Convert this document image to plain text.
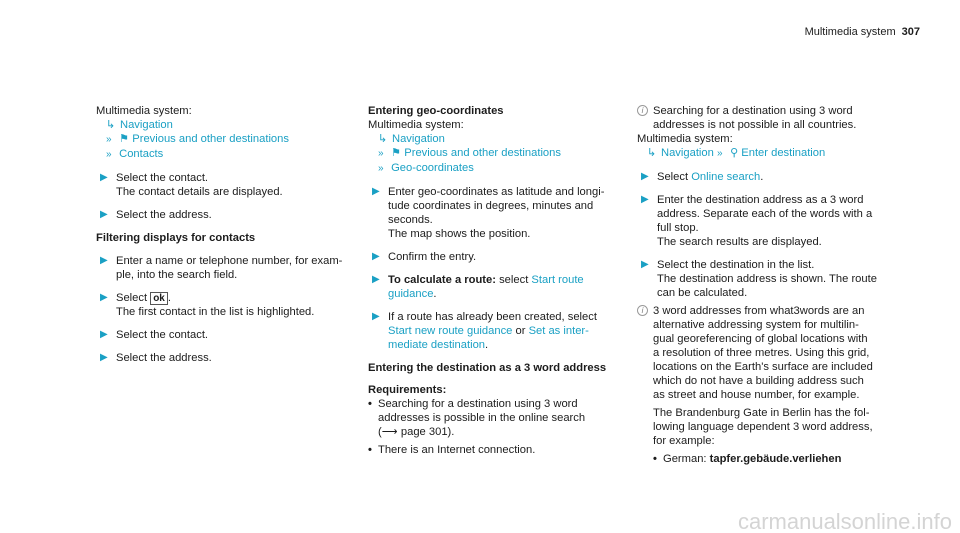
Multimedia system 307
Multimedia system:
↳ Navigation
» ⚑ Previous and other destinations
» Contacts
▶ Select the contact.
The contact details are displayed.
▶ Select the address.
Filtering displays for contacts
▶ Enter a name or telephone number, for exam-
ple, into the search field.
▶ Select ok .
The first contact in the list is highlighted.
▶ Select the contact.
▶ Select the address.
Entering geo-coordinates
Multimedia system:
↳ Navigation
» ⚑ Previous and other destinations
» Geo-coordinates
▶ Enter geo-coordinates as latitude and longi-
tude coordinates in degrees, minutes and
seconds.
The map shows the position.
▶ Confirm the entry.
▶ To calculate a route: select Start route
guidance.
▶ If a route has already been created, select
Start new route guidance or Set as inter-
mediate destination.
Entering the destination as a 3 word address
Requirements:
• Searching for a destination using 3 word
addresses is possible in the online search
(⟶ page 301).
• There is an Internet connection.
i Searching for a destination using 3 word
addresses is not possible in all countries.
Multimedia system:
↳ Navigation » ⚲ Enter destination
▶ Select Online search.
▶ Enter the destination address as a 3 word
address. Separate each of the words with a
full stop.
The search results are displayed.
▶ Select the destination in the list.
The destination address is shown. The route
can be calculated.
i 3 word addresses from what3words are an
alternative addressing system for multilin-
gual georeferencing of global locations with
a resolution of three metres. Using this grid,
locations on the Earth's surface are included
which do not have a building address such
as street and house number, for example.
The Brandenburg Gate in Berlin has the fol-
lowing language dependent 3 word address,
for example:
• German: tapfer.gebäude.verliehen
carmanualsonline.info
